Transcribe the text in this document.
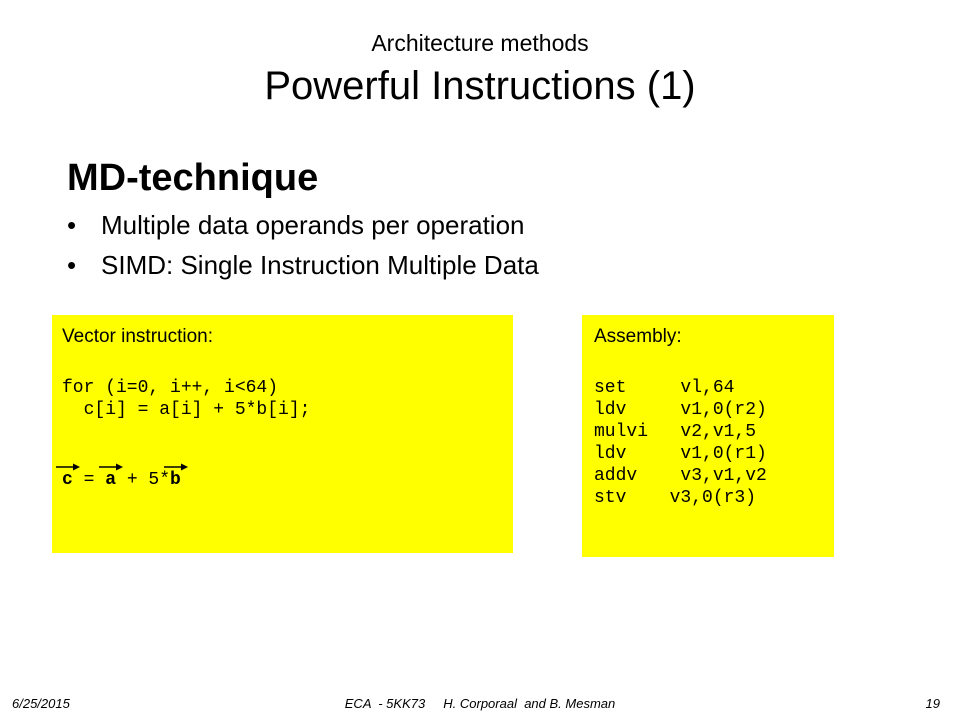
Architecture methods
Powerful Instructions (1)
MD-technique
• Multiple data operands per operation
• SIMD: Single Instruction Multiple Data
Vector instruction:
for (i=0, i++, i<64)
c[i] = a[i] + 5*b[i];
c =
a + 5*
b
Assembly:
set     vl,64
ldv     v1,0(r2)
mulvi   v2,v1,5
ldv     v1,0(r1)
addv    v3,v1,v2
stv    v3,0(r3)
6/25/2015	ECA  - 5KK73     H. Corporaal  and B. Mesman	19
